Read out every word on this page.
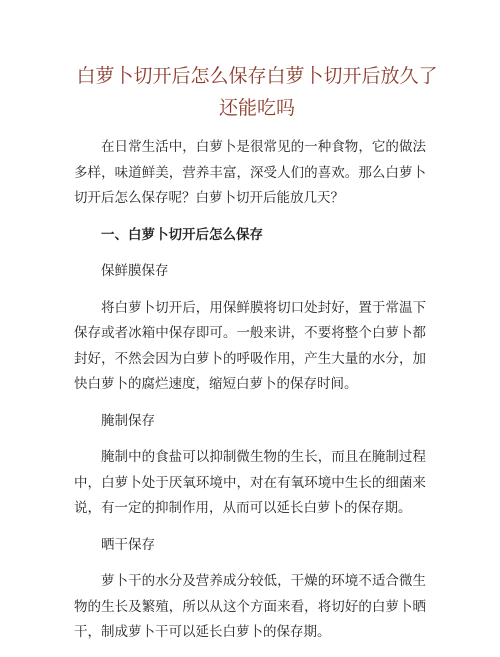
白萝卜切开后怎么保存白萝卜切开后放久了还能吃吗

在日常生活中，白萝卜是很常见的一种食物，它的做法多样，味道鲜美，营养丰富，深受人们的喜欢。那么白萝卜切开后怎么保存呢？白萝卜切开后能放几天？

一、白萝卜切开后怎么保存

保鲜膜保存

将白萝卜切开后，用保鲜膜将切口处封好，置于常温下保存或者冰箱中保存即可。一般来讲，不要将整个白萝卜都封好，不然会因为白萝卜的呼吸作用，产生大量的水分，加快白萝卜的腐烂速度，缩短白萝卜的保存时间。

腌制保存

腌制中的食盐可以抑制微生物的生长，而且在腌制过程中，白萝卜处于厌氧环境中，对在有氧环境中生长的细菌来说，有一定的抑制作用，从而可以延长白萝卜的保存期。

晒干保存

萝卜干的水分及营养成分较低，干燥的环境不适合微生物的生长及繁殖，所以从这个方面来看，将切好的白萝卜晒干，制成萝卜干可以延长白萝卜的保存期。
